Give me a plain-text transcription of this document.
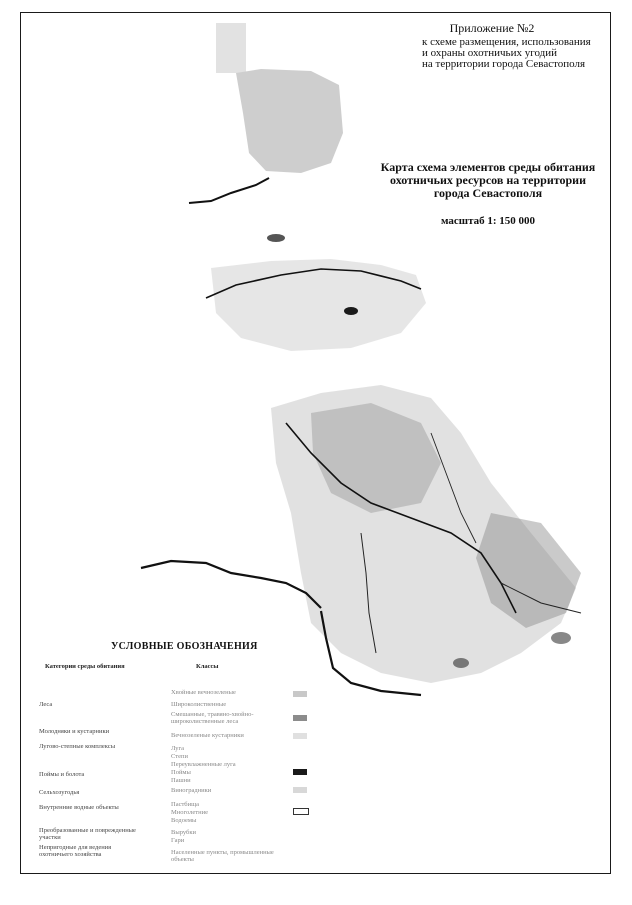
Приложение №2
к схеме размещения, использования
и охраны охотничьих угодий
на территории города Севастополя
Карта схема элементов среды обитания
охотничьих ресурсов на территории
города Севастополя
масштаб 1: 150 000
УСЛОВНЫЕ ОБОЗНАЧЕНИЯ
Категории среды обитания	Классы
Леса
Молодняки и кустарники
Лугово-степные комплексы
Поймы и болота
Сельхозугодья
Внутренние водные объекты
Преобразованные и поврежденные участки
Непригодные для ведения охотничьего хозяйства
Хвойные вечнозеленые
Широколиственные
Смешанные, травяно-хвойно-широколиственные леса
Вечнозеленые кустарники
Луга
Степи
Переувлажненные луга
Поймы
Пашни
Виноградники
Пастбища
Многолетние
Водоемы
Вырубки
Гари
Населенные пункты, промышленные объекты
